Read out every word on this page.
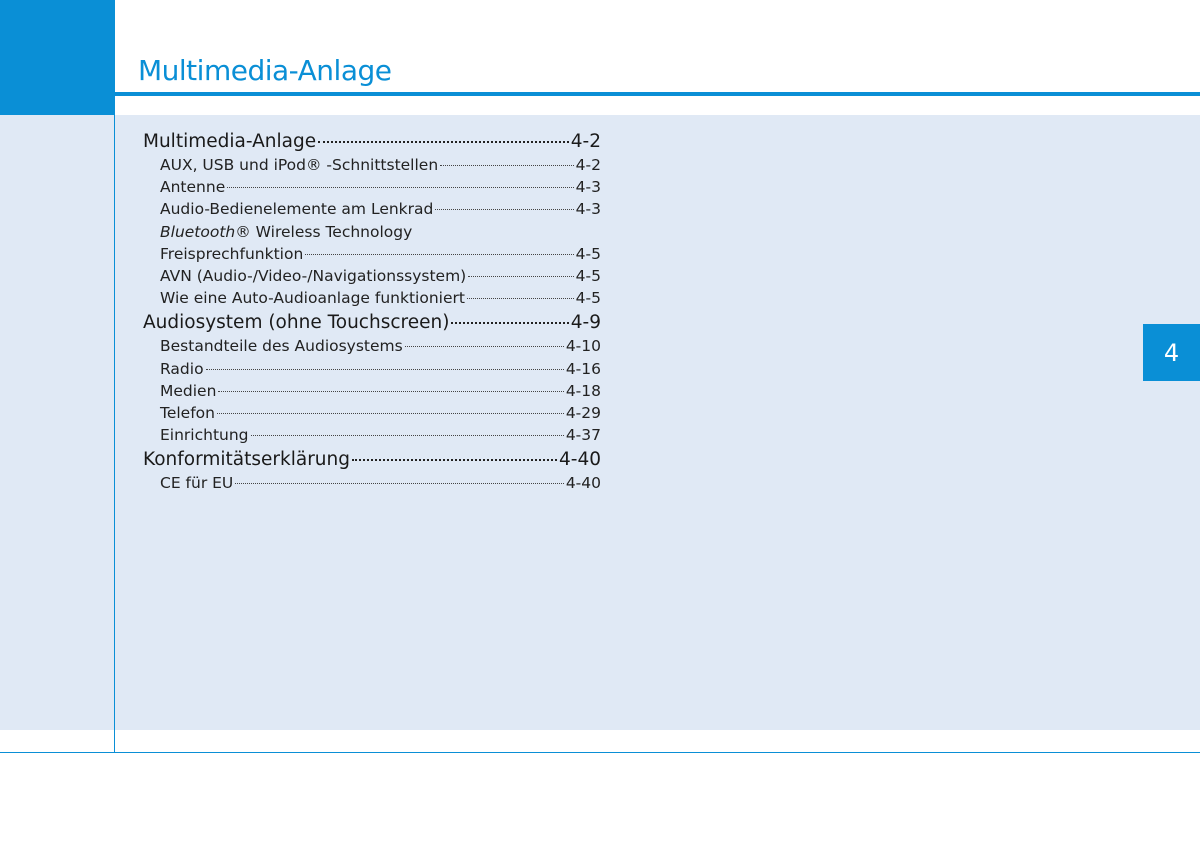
Multimedia-Anlage
4
Multimedia-Anlage	4-2
AUX, USB und iPod® -Schnittstellen	4-2
Antenne	4-3
Audio-Bedienelemente am Lenkrad	4-3
Bluetooth® Wireless Technology
Freisprechfunktion	4-5
AVN (Audio-/Video-/Navigationssystem)	4-5
Wie eine Auto-Audioanlage funktioniert	4-5
Audiosystem (ohne Touchscreen)	4-9
Bestandteile des Audiosystems	4-10
Radio	4-16
Medien	4-18
Telefon	4-29
Einrichtung	4-37
Konformitätserklärung	4-40
CE für EU	4-40
